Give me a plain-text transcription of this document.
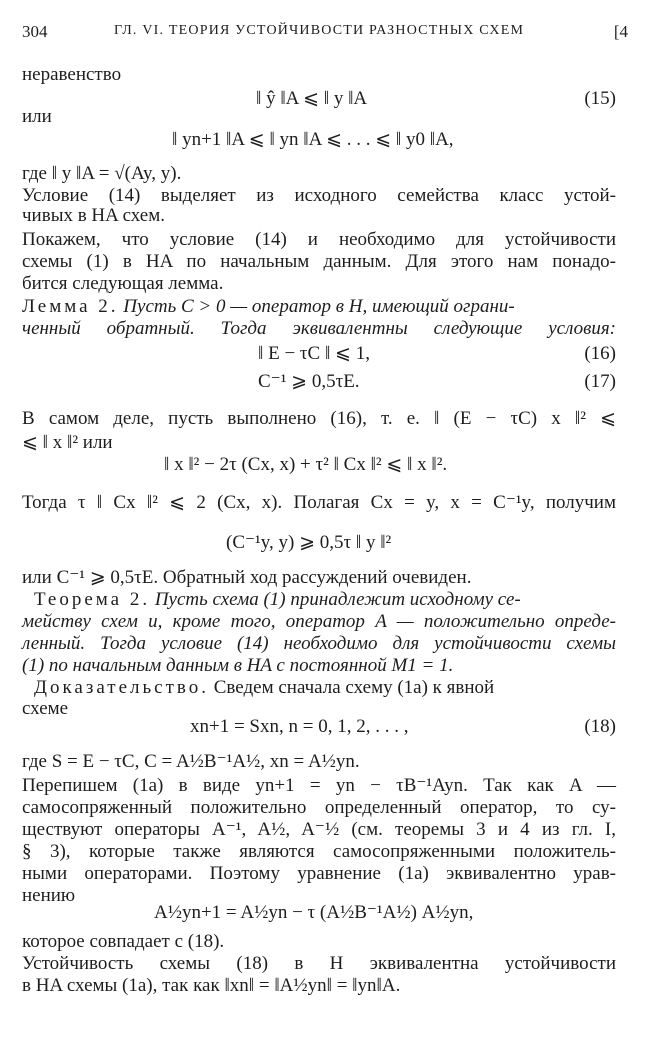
304	ГЛ. VI. ТЕОРИЯ УСТОЙЧИВОСТИ РАЗНОСТНЫХ СХЕМ	[4
неравенство
‖ ŷ ‖A ⩽ ‖ y ‖A	(15)
или
‖ yn+1 ‖A ⩽ ‖ yn ‖A ⩽ . . . ⩽ ‖ y0 ‖A,
где ‖ y ‖A = √(Ay, y).
Условие (14) выделяет из исходного семейства класс устой-
чивых в HA схем.
Покажем, что условие (14) и необходимо для устойчивости
схемы (1) в HA по начальным данным. Для этого нам понадо-
бится следующая лемма.
Лемма 2. Пусть C > 0 — оператор в H, имеющий ограни-
ченный обратный. Тогда эквивалентны следующие условия:
‖ E − τC ‖ ⩽ 1,	(16)
C⁻¹ ⩾ 0,5τE.	(17)
В самом деле, пусть выполнено (16), т. е. ‖ (E − τC) x ‖² ⩽
⩽ ‖ x ‖² или
‖ x ‖² − 2τ (Cx, x) + τ² ‖ Cx ‖² ⩽ ‖ x ‖².
Тогда τ ‖ Cx ‖² ⩽ 2 (Cx, x). Полагая Cx = y, x = C⁻¹y, получим
(C⁻¹y, y) ⩾ 0,5τ ‖ y ‖²
или C⁻¹ ⩾ 0,5τE. Обратный ход рассуждений очевиден.
Теорема 2. Пусть схема (1) принадлежит исходному се-
мейству схем и, кроме того, оператор A — положительно опреде-
ленный. Тогда условие (14) необходимо для устойчивости схемы
(1) по начальным данным в HA с постоянной M1 = 1.
Доказательство. Сведем сначала схему (1а) к явной
схеме
xn+1 = Sxn, n = 0, 1, 2, . . . ,	(18)
где S = E − τC, C = A½B⁻¹A½, xn = A½yn.
Перепишем (1а) в виде yn+1 = yn − τB⁻¹Ayn. Так как A —
самосопряженный положительно определенный оператор, то су-
ществуют операторы A⁻¹, A½, A⁻½ (см. теоремы 3 и 4 из гл. I,
§ 3), которые также являются самосопряженными положитель-
ными операторами. Поэтому уравнение (1а) эквивалентно урав-
нению
A½yn+1 = A½yn − τ (A½B⁻¹A½) A½yn,
которое совпадает с (18).
Устойчивость схемы (18) в H эквивалентна устойчивости
в HA схемы (1а), так как ‖xn‖ = ‖A½yn‖ = ‖yn‖A.
